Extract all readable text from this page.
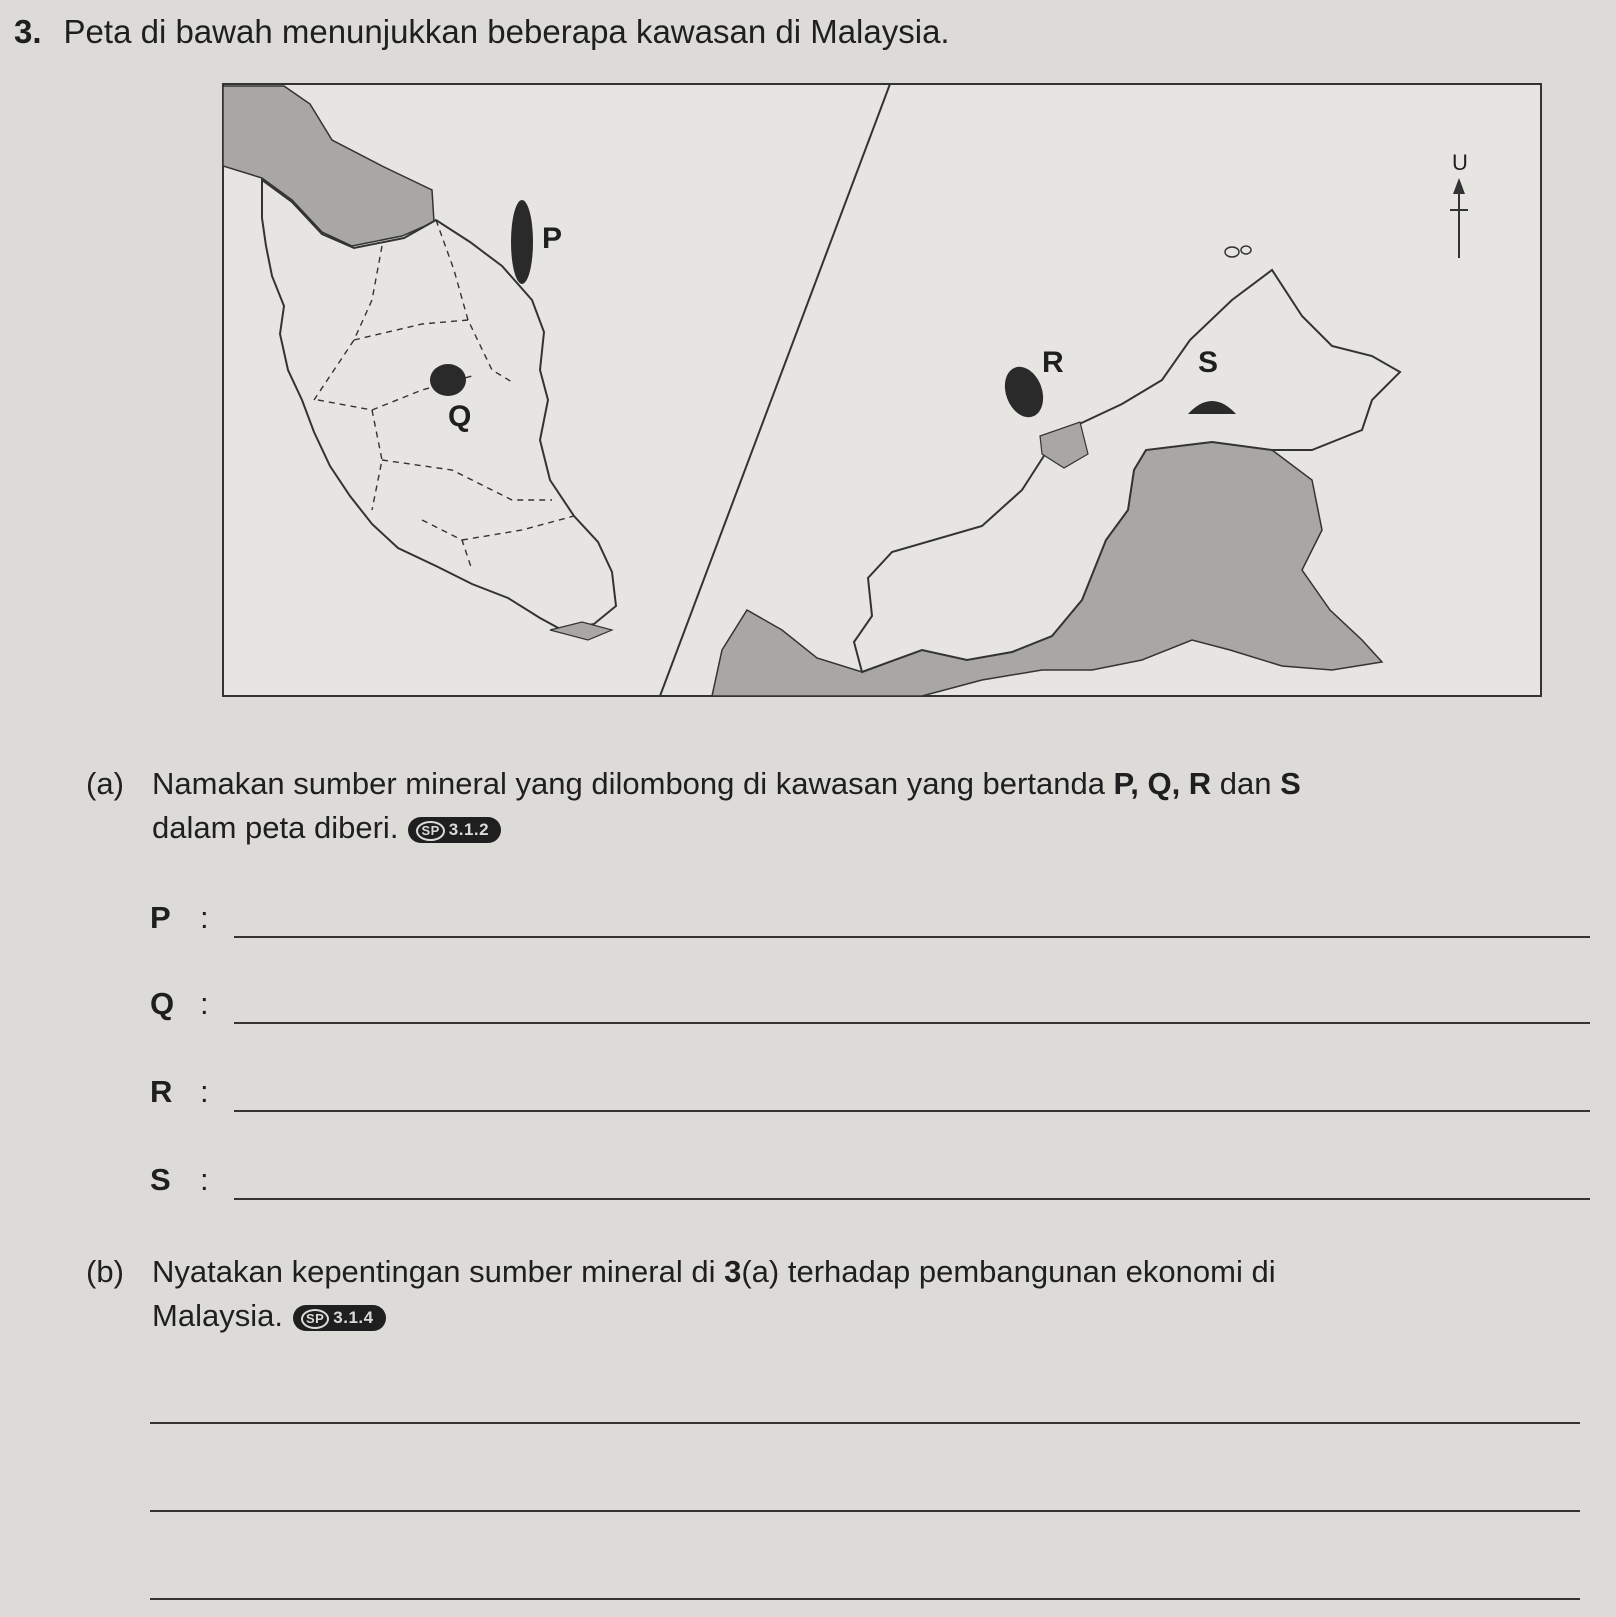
3. Peta di bawah menunjukkan beberapa kawasan di Malaysia.
P
Q
R	S
U
(a) Namakan sumber mineral yang dilombong di kawasan yang bertanda P, Q, R dan S
dalam peta diberi. SP 3.1.2
P :
Q :
R :
S :
(b) Nyatakan kepentingan sumber mineral di 3(a) terhadap pembangunan ekonomi di
Malaysia. SP 3.1.4
